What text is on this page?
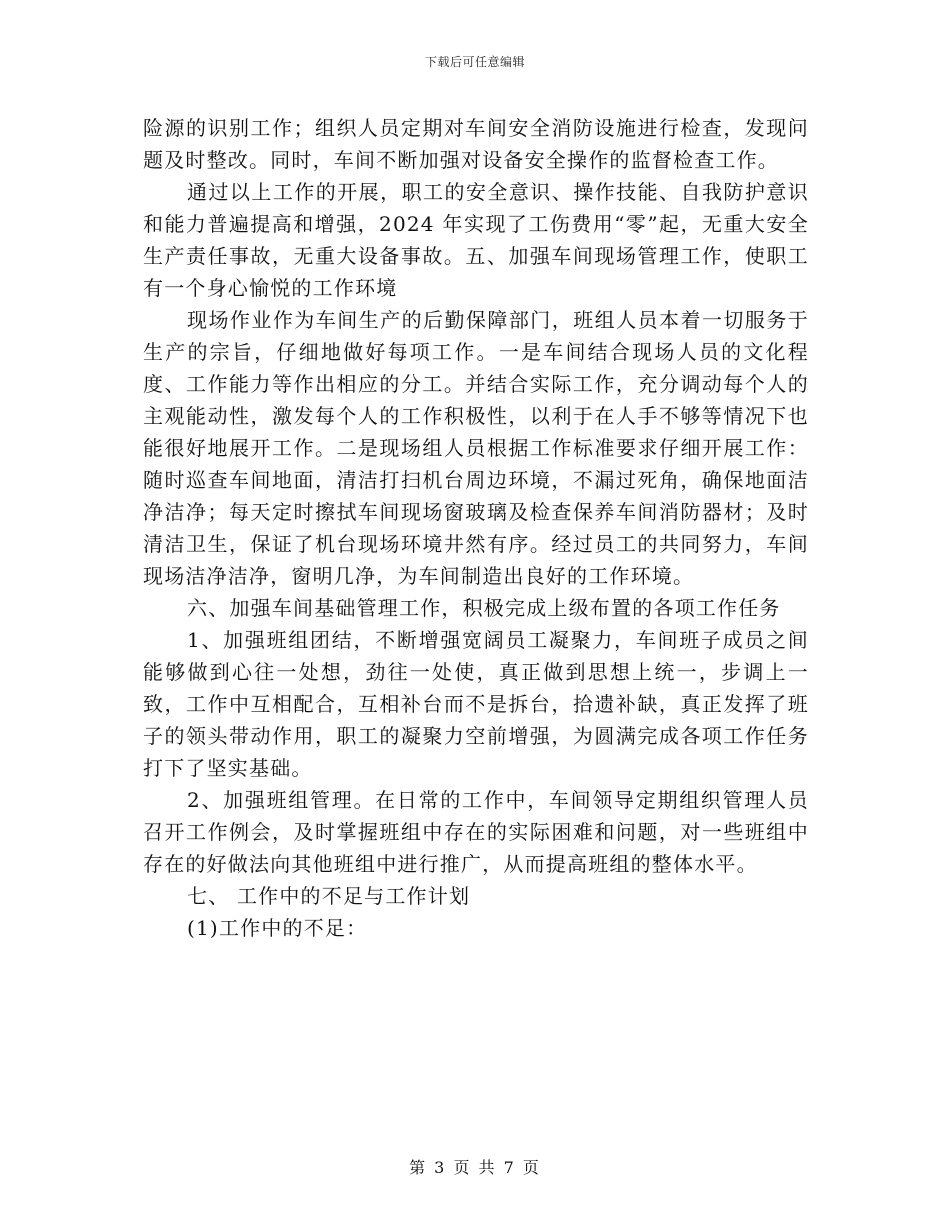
下载后可任意编辑

险源的识别工作；组织人员定期对车间安全消防设施进行检查，发现问题及时整改。同时，车间不断加强对设备安全操作的监督检查工作。

通过以上工作的开展，职工的安全意识、操作技能、自我防护意识和能力普遍提高和增强，2024 年实现了工伤费用“零”起，无重大安全生产责任事故，无重大设备事故。五、加强车间现场管理工作，使职工有一个身心愉悦的工作环境

现场作业作为车间生产的后勤保障部门，班组人员本着一切服务于生产的宗旨，仔细地做好每项工作。一是车间结合现场人员的文化程度、工作能力等作出相应的分工。并结合实际工作，充分调动每个人的主观能动性，激发每个人的工作积极性，以利于在人手不够等情况下也能很好地展开工作。二是现场组人员根据工作标准要求仔细开展工作：随时巡查车间地面，清洁打扫机台周边环境，不漏过死角，确保地面洁净洁净；每天定时擦拭车间现场窗玻璃及检查保养车间消防器材；及时清洁卫生，保证了机台现场环境井然有序。经过员工的共同努力，车间现场洁净洁净，窗明几净，为车间制造出良好的工作环境。

六、加强车间基础管理工作，积极完成上级布置的各项工作任务

1、加强班组团结，不断增强宽阔员工凝聚力，车间班子成员之间能够做到心往一处想，劲往一处使，真正做到思想上统一，步调上一致，工作中互相配合，互相补台而不是拆台，拾遗补缺，真正发挥了班子的领头带动作用，职工的凝聚力空前增强，为圆满完成各项工作任务打下了坚实基础。

2、加强班组管理。在日常的工作中，车间领导定期组织管理人员召开工作例会，及时掌握班组中存在的实际困难和问题，对一些班组中存在的好做法向其他班组中进行推广，从而提高班组的整体水平。

七、 工作中的不足与工作计划

(1)工作中的不足：

第 3 页 共 7 页
